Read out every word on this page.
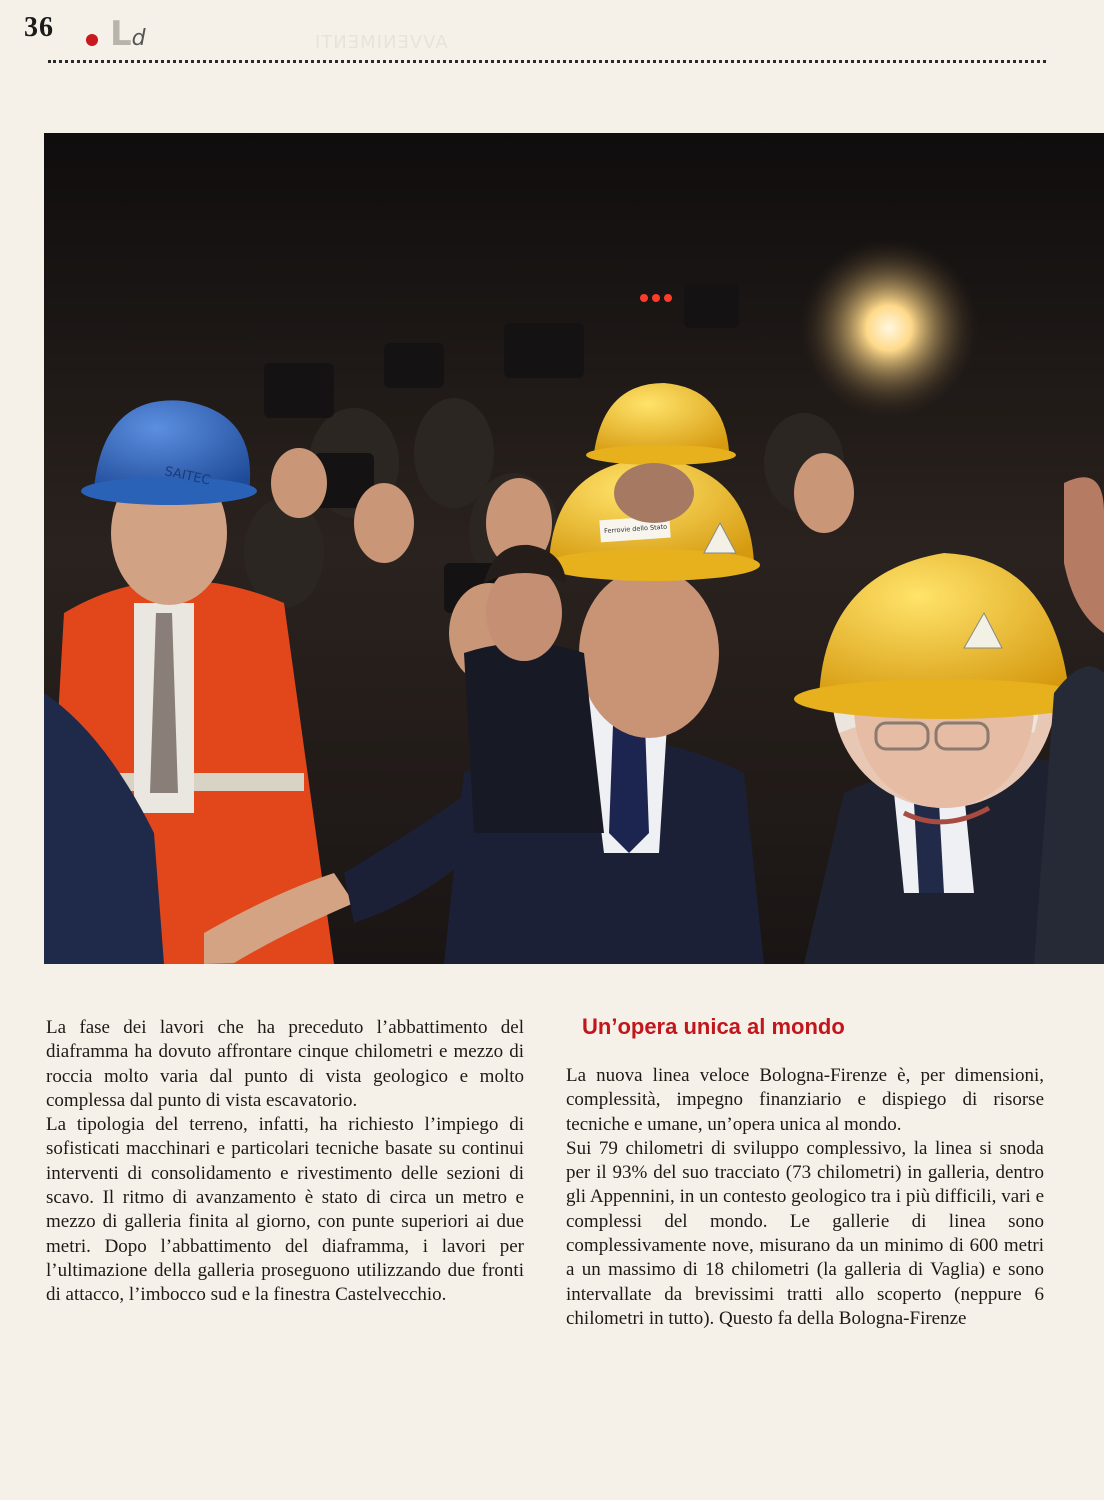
36 Ld	AVVENIMENTI
SAITEC
Ferrovie dello Stato

La fase dei lavori che ha preceduto l’abbattimento del diaframma ha dovuto affrontare cinque chilometri e mezzo di roccia molto varia dal punto di vista geologico e molto complessa dal punto di vista escavatorio.

La tipologia del terreno, infatti, ha richiesto l’impiego di sofisticati macchinari e particolari tecniche basate su continui interventi di consolidamento e rivestimento delle sezioni di scavo. Il ritmo di avanzamento è stato di circa un metro e mezzo di galleria finita al giorno, con punte superiori ai due metri. Dopo l’abbattimento del diaframma, i lavori per l’ultimazione della galleria proseguono utilizzando due fronti di attacco, l’imbocco sud e la finestra Castelvecchio.

Un’opera unica al mondo

La nuova linea veloce Bologna-Firenze è, per dimensioni, complessità, impegno finanziario e dispiego di risorse tecniche e umane, un’opera unica al mondo.

Sui 79 chilometri di sviluppo complessivo, la linea si snoda per il 93% del suo tracciato (73 chilometri) in galleria, dentro gli Appennini, in un contesto geologico tra i più difficili, vari e complessi del mondo. Le gallerie di linea sono complessivamente nove, misurano da un minimo di 600 metri a un massimo di 18 chilometri (la galleria di Vaglia) e sono intervallate da brevissimi tratti allo scoperto (neppure 6 chilometri in tutto). Questo fa della Bologna-Firenze
